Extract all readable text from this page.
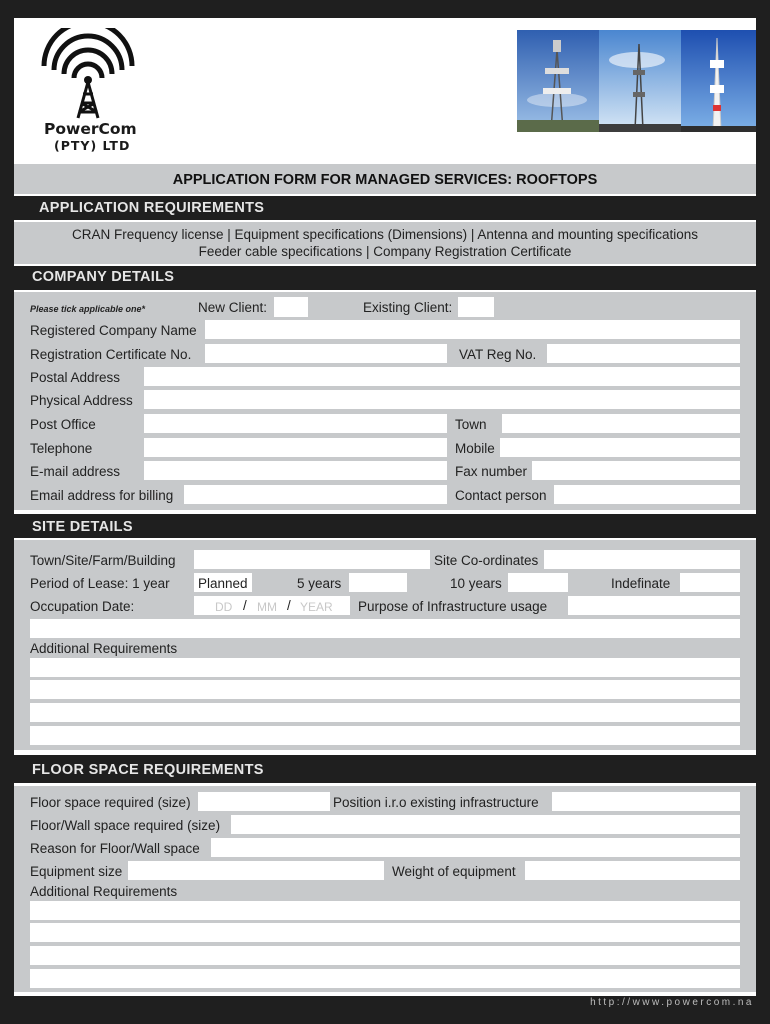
PowerCom
(PTY) LTD
APPLICATION FORM FOR MANAGED SERVICES: ROOFTOPS
APPLICATION REQUIREMENTS
CRAN Frequency license | Equipment specifications (Dimensions) | Antenna and mounting specifications
Feeder cable specifications | Company Registration Certificate
COMPANY DETAILS
Please tick applicable one*	New Client:	Existing Client:
Registered Company Name
Registration Certificate No.	VAT Reg No.
Postal Address
Physical Address
Post Office	Town
Telephone	Mobile
E-mail address	Fax number
Email address for billing	Contact person
SITE DETAILS
Town/Site/Farm/Building	Site Co-ordinates
Period of Lease: 1 year Planned	5 years	10 years	Indefinate
Occupation Date:	DD / MM / YEAR Purpose of Infrastructure usage
Additional Requirements
FLOOR SPACE REQUIREMENTS
Floor space required (size)	Position i.r.o existing infrastructure
Floor/Wall space required (size)
Reason for Floor/Wall space
Equipment size	Weight of equipment
Additional Requirements
http://www.powercom.na
